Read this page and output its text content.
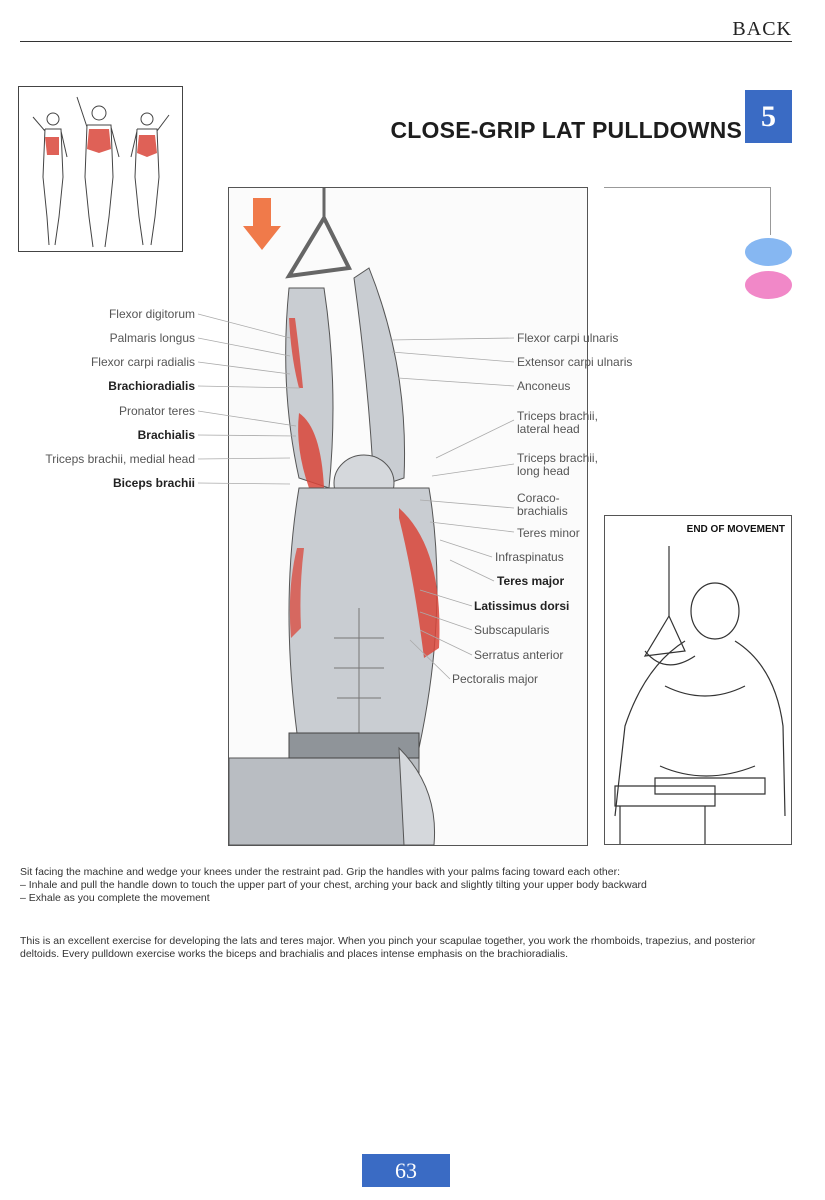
BACK
CLOSE-GRIP LAT PULLDOWNS 5
END OF MOVEMENT
Flexor digitorum
Palmaris longus
Flexor carpi radialis
Brachioradialis
Pronator teres
Brachialis
Triceps brachii, medial head
Biceps brachii
Flexor carpi ulnaris
Extensor carpi ulnaris
Anconeus
Triceps brachii,
lateral head
Triceps brachii,
long head
Coraco-
brachialis
Teres minor
Infraspinatus
Teres major
Latissimus dorsi
Subscapularis
Serratus anterior
Pectoralis major
Sit facing the machine and wedge your knees under the restraint pad. Grip the handles with your palms facing toward each other:
– Inhale and pull the handle down to touch the upper part of your chest, arching your back and slightly tilting your upper body backward
– Exhale as you complete the movement
This is an excellent exercise for developing the lats and teres major. When you pinch your scapulae together, you work the rhomboids, trapezius, and posterior deltoids. Every pulldown exercise works the biceps and brachialis and places intense emphasis on the brachioradialis.
63
